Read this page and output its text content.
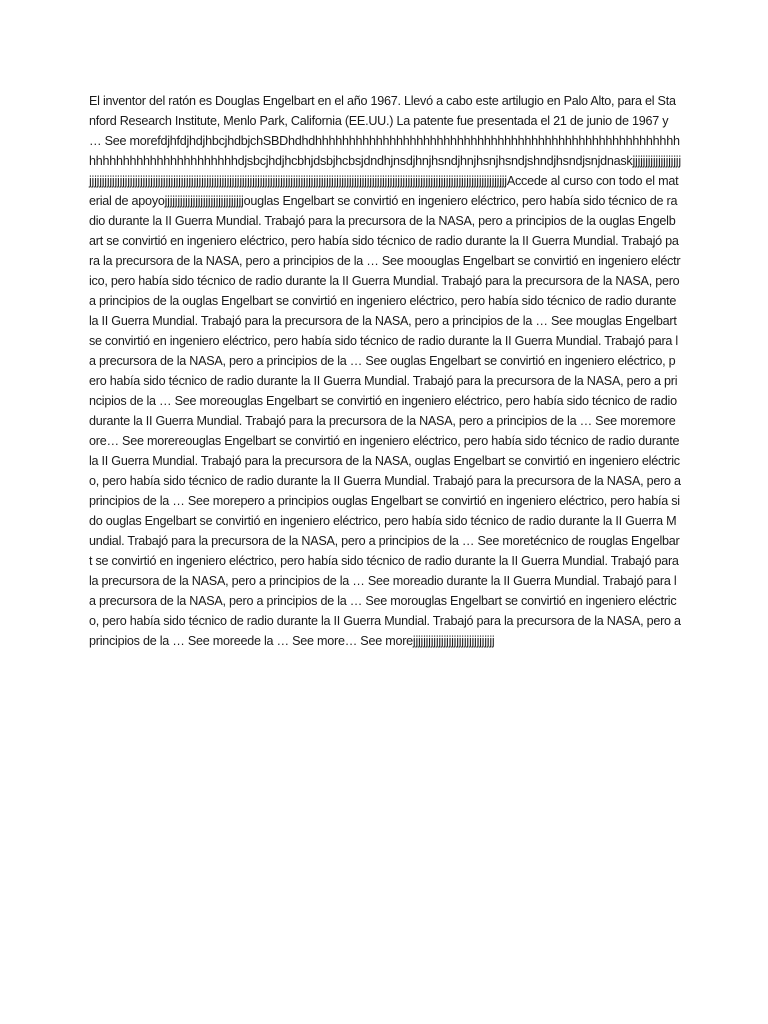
El inventor del ratón es Douglas Engelbart en el año 1967. Llevó a cabo este artilugio en Palo Alto, para el Stanford Research Institute, Menlo Park, California (EE.UU.) La patente fue presentada el 21 de junio de 1967 y … See morefdjhfdjhdjhbcjhdbjchSBDhdhdhhhhhhhhhhhhhhhhhhhhhhhhhhhhhhhhhhhhhhhhhhhhhhhhhhhhhhhhhhhhhhhhhhhhhhhhhhhhdjsbcjhdjhcbhjdsbjhcbsjdndhjnsdjhnjhsndjhnjhsnjhsndjshndjhsndjsnjdnaskjjjjjjjjjjjjjjjjjjjjjjjjjjjjjjjjjjjjjjjjjjjjjjjjjjjjjjjjjjjjjjjjjjjjjjjjjjjjjjjjjjjjjjjjjjjjjjjjjjjjjjjjjjjjjjjjjjjjjjjjjjjjjjjjjjjjjjjjjjjjjjjjjjjjjjjjjjjjjjjjjjjjjjjjjjjjjjjjjjjjjjjAccede al curso con todo el material de apoyojjjjjjjjjjjjjjjjjjjjjjjjjjjjjjjouglas Engelbart se convirtió en ingeniero eléctrico, pero había sido técnico de radio durante la II Guerra Mundial. Trabajó para la precursora de la NASA, pero a principios de la ouglas Engelbart se convirtió en ingeniero eléctrico, pero había sido técnico de radio durante la II Guerra Mundial. Trabajó para la precursora de la NASA, pero a principios de la … See moouglas Engelbart se convirtió en ingeniero eléctrico, pero había sido técnico de radio durante la II Guerra Mundial. Trabajó para la precursora de la NASA, pero a principios de la ouglas Engelbart se convirtió en ingeniero eléctrico, pero había sido técnico de radio durante la II Guerra Mundial. Trabajó para la precursora de la NASA, pero a principios de la … See mouglas Engelbart se convirtió en ingeniero eléctrico, pero había sido técnico de radio durante la II Guerra Mundial. Trabajó para la precursora de la NASA, pero a principios de la … See ouglas Engelbart se convirtió en ingeniero eléctrico, pero había sido técnico de radio durante la II Guerra Mundial. Trabajó para la precursora de la NASA, pero a principios de la … See moreouglas Engelbart se convirtió en ingeniero eléctrico, pero había sido técnico de radio durante la II Guerra Mundial. Trabajó para la precursora de la NASA, pero a principios de la … See moremoreore… See morereouglas Engelbart se convirtió en ingeniero eléctrico, pero había sido técnico de radio durante la II Guerra Mundial. Trabajó para la precursora de la NASA, ouglas Engelbart se convirtió en ingeniero eléctrico, pero había sido técnico de radio durante la II Guerra Mundial. Trabajó para la precursora de la NASA, pero a principios de la … See morepero a principios ouglas Engelbart se convirtió en ingeniero eléctrico, pero había sido ouglas Engelbart se convirtió en ingeniero eléctrico, pero había sido técnico de radio durante la II Guerra Mundial. Trabajó para la precursora de la NASA, pero a principios de la … See moretécnico de rouglas Engelbart se convirtió en ingeniero eléctrico, pero había sido técnico de radio durante la II Guerra Mundial. Trabajó para la precursora de la NASA, pero a principios de la … See moreadio durante la II Guerra Mundial. Trabajó para la precursora de la NASA, pero a principios de la … See morouglas Engelbart se convirtió en ingeniero eléctrico, pero había sido técnico de radio durante la II Guerra Mundial. Trabajó para la precursora de la NASA, pero a principios de la … See moreede la … See more… See morejjjjjjjjjjjjjjjjjjjjjjjjjjjjjjjj
